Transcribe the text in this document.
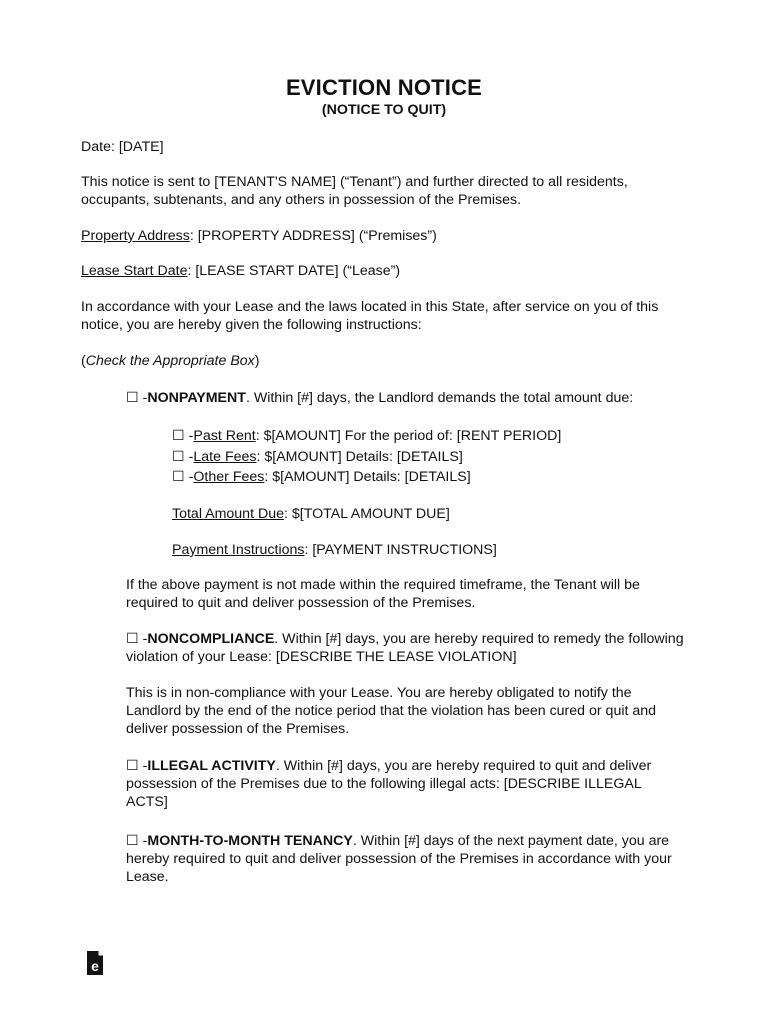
EVICTION NOTICE
(NOTICE TO QUIT)

Date: [DATE]

This notice is sent to [TENANT'S NAME] (“Tenant”) and further directed to all residents, occupants, subtenants, and any others in possession of the Premises.

Property Address: [PROPERTY ADDRESS] (“Premises”)

Lease Start Date: [LEASE START DATE] (“Lease”)

In accordance with your Lease and the laws located in this State, after service on you of this notice, you are hereby given the following instructions:

(Check the Appropriate Box)

☐ -NONPAYMENT. Within [#] days, the Landlord demands the total amount due:

☐ -Past Rent: $[AMOUNT] For the period of: [RENT PERIOD]
☐ -Late Fees: $[AMOUNT] Details: [DETAILS]
☐ -Other Fees: $[AMOUNT] Details: [DETAILS]

Total Amount Due: $[TOTAL AMOUNT DUE]

Payment Instructions: [PAYMENT INSTRUCTIONS]

If the above payment is not made within the required timeframe, the Tenant will be required to quit and deliver possession of the Premises.

☐ -NONCOMPLIANCE. Within [#] days, you are hereby required to remedy the following violation of your Lease: [DESCRIBE THE LEASE VIOLATION]

This is in non-compliance with your Lease. You are hereby obligated to notify the Landlord by the end of the notice period that the violation has been cured or quit and deliver possession of the Premises.

☐ -ILLEGAL ACTIVITY. Within [#] days, you are hereby required to quit and deliver possession of the Premises due to the following illegal acts: [DESCRIBE ILLEGAL ACTS]

☐ -MONTH-TO-MONTH TENANCY. Within [#] days of the next payment date, you are hereby required to quit and deliver possession of the Premises in accordance with your Lease.

e
